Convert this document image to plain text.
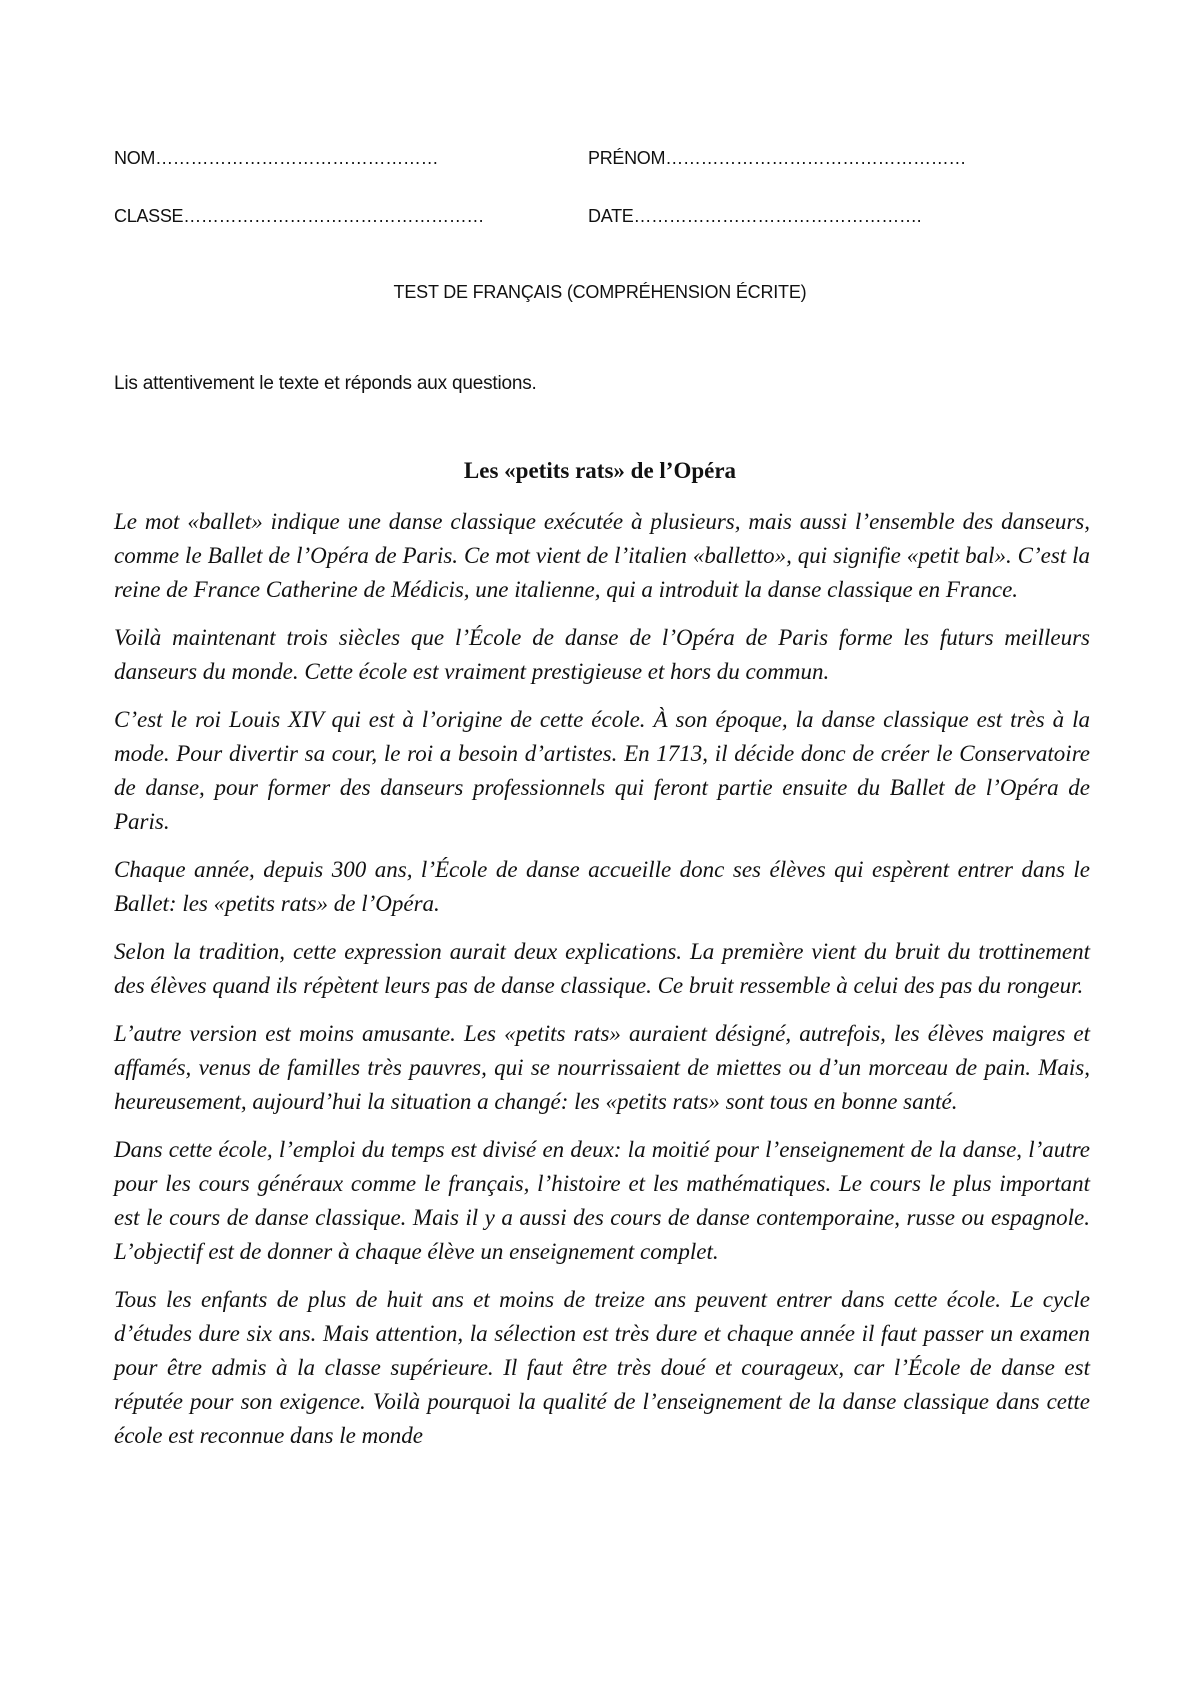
NOM…………………………………………	PRÉNOM……………………………………………
CLASSE……………………………………………	DATE………………………………………….
TEST DE FRANÇAIS (COMPRÉHENSION ÉCRITE)
Lis attentivement le texte et réponds aux questions.
Les «petits rats» de l’Opéra

Le mot «ballet» indique une danse classique exécutée à plusieurs, mais aussi l’ensemble des danseurs, comme le Ballet de l’Opéra de Paris. Ce mot vient de l’italien «balletto», qui signifie «petit bal». C’est la reine de France Catherine de Médicis, une italienne, qui a introduit la danse classique en France.

Voilà maintenant trois siècles que l’École de danse de l’Opéra de Paris forme les futurs meilleurs danseurs du monde. Cette école est vraiment prestigieuse et hors du commun.

C’est le roi Louis XIV qui est à l’origine de cette école. À son époque, la danse classique est très à la mode. Pour divertir sa cour, le roi a besoin d’artistes. En 1713, il décide donc de créer le Conservatoire de danse, pour former des danseurs professionnels qui feront partie ensuite du Ballet de l’Opéra de Paris.

Chaque année, depuis 300 ans, l’École de danse accueille donc ses élèves qui espèrent entrer dans le Ballet: les «petits rats» de l’Opéra.

Selon la tradition, cette expression aurait deux explications. La première vient du bruit du trottinement des élèves quand ils répètent leurs pas de danse classique. Ce bruit ressemble à celui des pas du rongeur.

L’autre version est moins amusante. Les «petits rats» auraient désigné, autrefois, les élèves maigres et affamés, venus de familles très pauvres, qui se nourrissaient de miettes ou d’un morceau de pain. Mais, heureusement, aujourd’hui la situation a changé: les «petits rats» sont tous en bonne santé.

Dans cette école, l’emploi du temps est divisé en deux: la moitié pour l’enseignement de la danse, l’autre pour les cours généraux comme le français, l’histoire et les mathématiques. Le cours le plus important est le cours de danse classique. Mais il y a aussi des cours de danse contemporaine, russe ou espagnole. L’objectif est de donner à chaque élève un enseignement complet.

Tous les enfants de plus de huit ans et moins de treize ans peuvent entrer dans cette école. Le cycle d’études dure six ans. Mais attention, la sélection est très dure et chaque année il faut passer un examen pour être admis à la classe supérieure. Il faut être très doué et courageux, car l’École de danse est réputée pour son exigence. Voilà pourquoi la qualité de l’enseignement de la danse classique dans cette école est reconnue dans le monde
